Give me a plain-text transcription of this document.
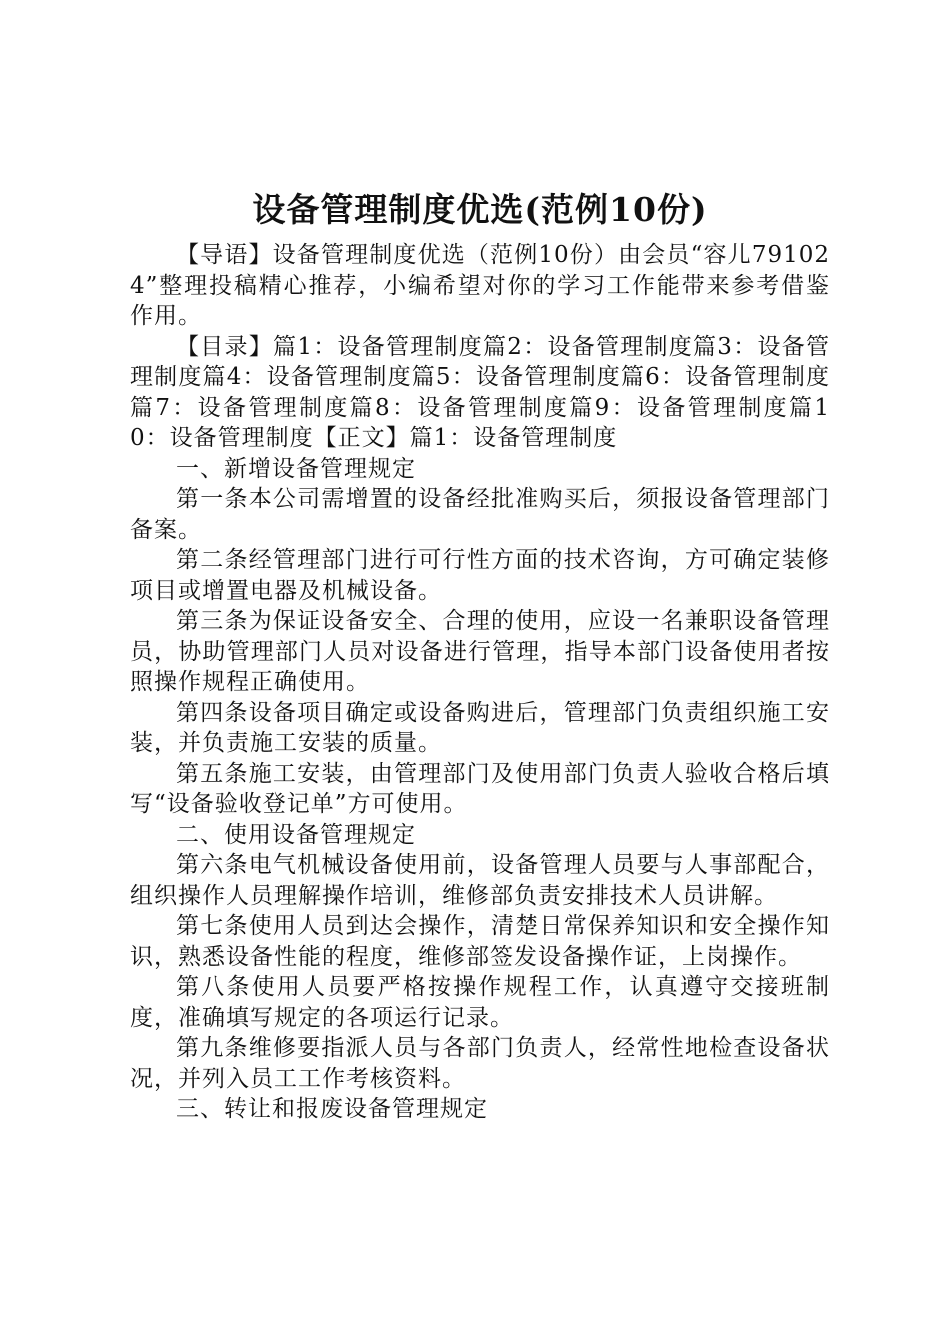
设备管理制度优选(范例10份)

【导语】设备管理制度优选（范例10份）由会员“容儿791024”整理投稿精心推荐，小编希望对你的学习工作能带来参考借鉴作用。

【目录】篇1：设备管理制度篇2：设备管理制度篇3：设备管理制度篇4：设备管理制度篇5：设备管理制度篇6：设备管理制度篇7：设备管理制度篇8：设备管理制度篇9：设备管理制度篇10：设备管理制度【正文】篇1：设备管理制度

一、新增设备管理规定

第一条本公司需增置的设备经批准购买后，须报设备管理部门备案。

第二条经管理部门进行可行性方面的技术咨询，方可确定装修项目或增置电器及机械设备。

第三条为保证设备安全、合理的使用，应设一名兼职设备管理员，协助管理部门人员对设备进行管理，指导本部门设备使用者按照操作规程正确使用。

第四条设备项目确定或设备购进后，管理部门负责组织施工安装，并负责施工安装的质量。

第五条施工安装，由管理部门及使用部门负责人验收合格后填写“设备验收登记单”方可使用。

二、使用设备管理规定

第六条电气机械设备使用前，设备管理人员要与人事部配合，组织操作人员理解操作培训，维修部负责安排技术人员讲解。

第七条使用人员到达会操作，清楚日常保养知识和安全操作知识，熟悉设备性能的程度，维修部签发设备操作证，上岗操作。

第八条使用人员要严格按操作规程工作，认真遵守交接班制度，准确填写规定的各项运行记录。

第九条维修要指派人员与各部门负责人，经常性地检查设备状况，并列入员工工作考核资料。

三、转让和报废设备管理规定
